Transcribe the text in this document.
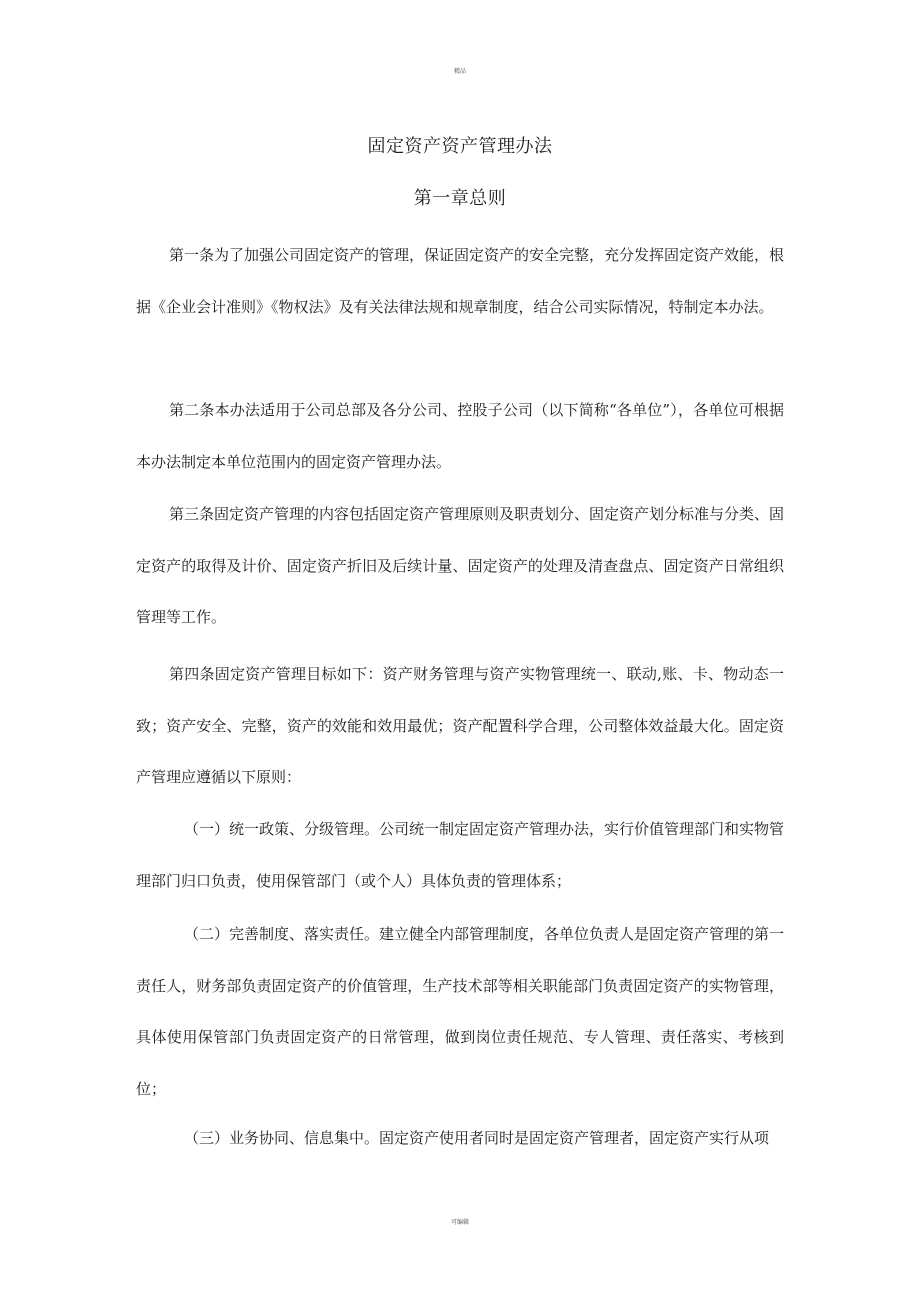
精品
固定资产资产管理办法
第一章总则

第一条为了加强公司固定资产的管理，保证固定资产的安全完整，充分发挥固定资产效能，根据《企业会计准则》《物权法》及有关法律法规和规章制度，结合公司实际情况，特制定本办法。

第二条本办法适用于公司总部及各分公司、控股子公司（以下简称“各单位”），各单位可根据本办法制定本单位范围内的固定资产管理办法。

第三条固定资产管理的内容包括固定资产管理原则及职责划分、固定资产划分标准与分类、固定资产的取得及计价、固定资产折旧及后续计量、固定资产的处理及清查盘点、固定资产日常组织管理等工作。

第四条固定资产管理目标如下：资产财务管理与资产实物管理统一、联动,账、卡、物动态一致；资产安全、完整，资产的效能和效用最优；资产配置科学合理，公司整体效益最大化。固定资产管理应遵循以下原则：

（一）统一政策、分级管理。公司统一制定固定资产管理办法，实行价值管理部门和实物管理部门归口负责，使用保管部门（或个人）具体负责的管理体系；

（二）完善制度、落实责任。建立健全内部管理制度，各单位负责人是固定资产管理的第一责任人，财务部负责固定资产的价值管理，生产技术部等相关职能部门负责固定资产的实物管理，具体使用保管部门负责固定资产的日常管理，做到岗位责任规范、专人管理、责任落实、考核到位；

（三）业务协同、信息集中。固定资产使用者同时是固定资产管理者，固定资产实行从项

可编辑
